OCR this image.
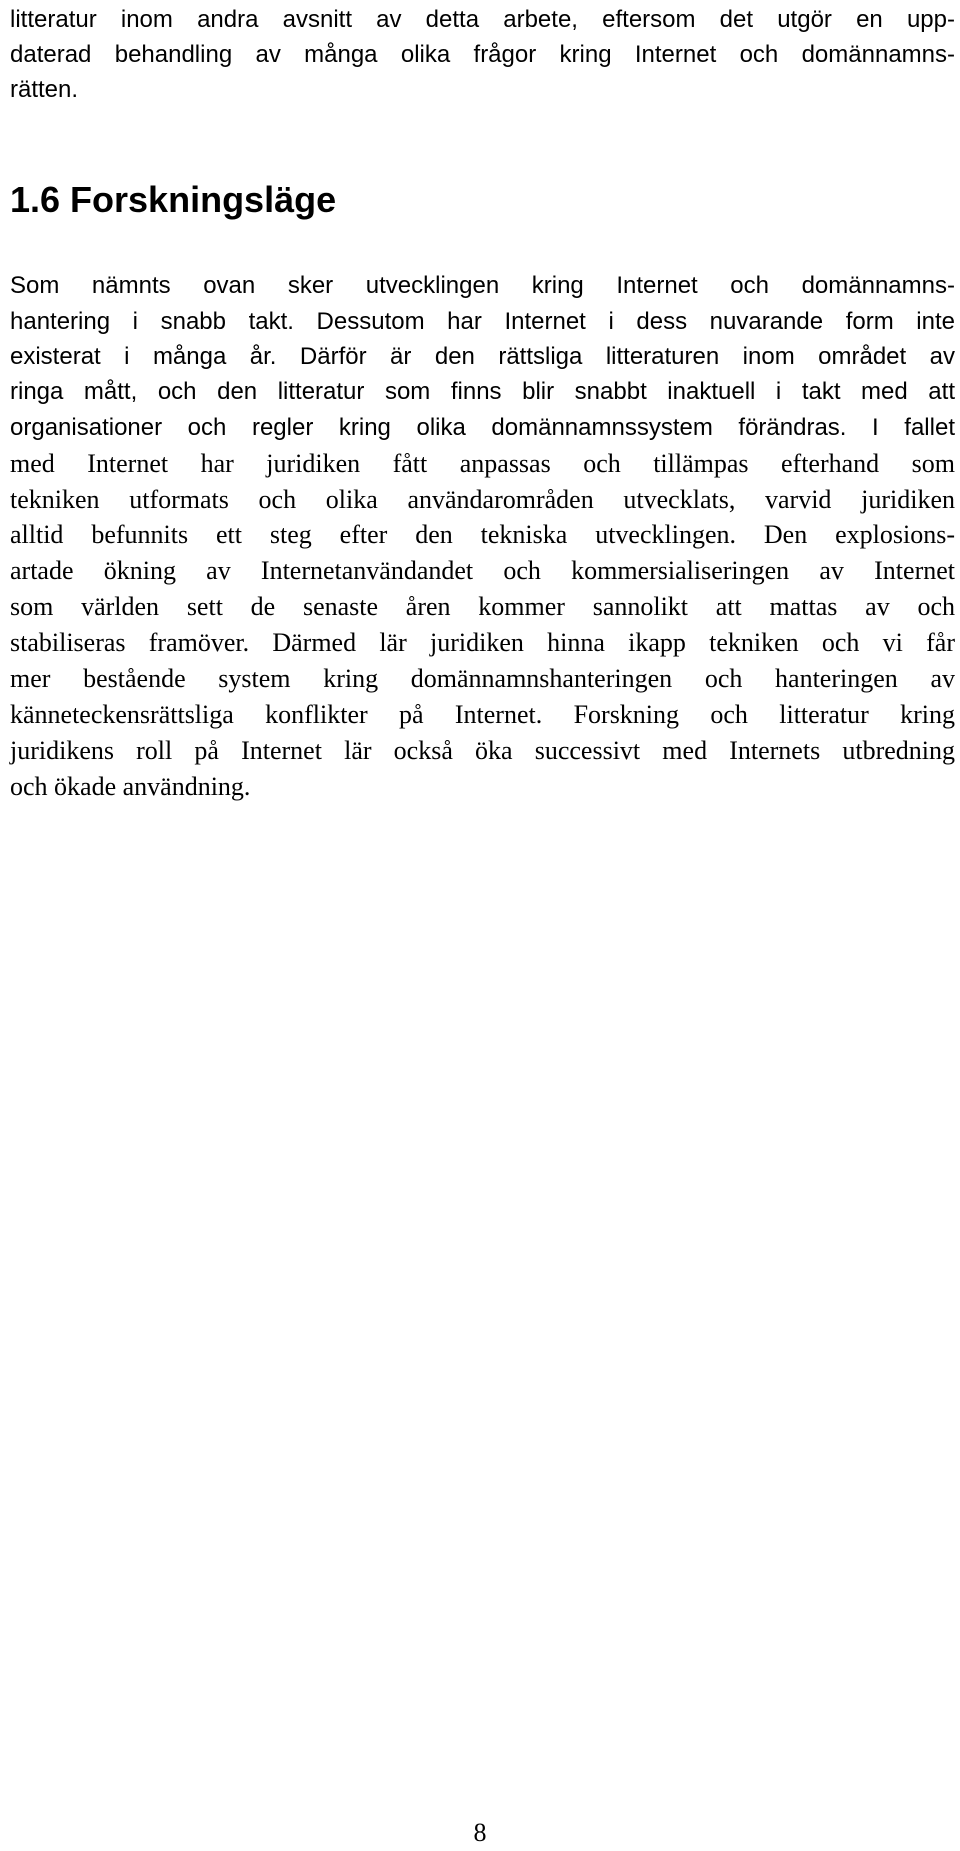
litteratur inom andra avsnitt av detta arbete, eftersom det utgör en upp-
daterad behandling av många olika frågor kring Internet och domännamns-
rätten.
1.6 Forskningsläge
Som nämnts ovan sker utvecklingen kring Internet och domännamns-
hantering i snabb takt. Dessutom har Internet i dess nuvarande form inte
existerat i många år. Därför är den rättsliga litteraturen inom området av
ringa mått, och den litteratur som finns blir snabbt inaktuell i takt med att
organisationer och regler kring olika domännamnssystem förändras. I fallet
med Internet har juridiken fått anpassas och tillämpas efterhand som
tekniken utformats och olika användarområden utvecklats, varvid juridiken
alltid befunnits ett steg efter den tekniska utvecklingen. Den explosions-
artade ökning av Internetanvändandet och kommersialiseringen av Internet
som världen sett de senaste åren kommer sannolikt att mattas av och
stabiliseras framöver. Därmed lär juridiken hinna ikapp tekniken och vi får
mer bestående system kring domännamnshanteringen och hanteringen av
känneteckensrättsliga konflikter på Internet. Forskning och litteratur kring
juridikens roll på Internet lär också öka successivt med Internets utbredning
och ökade användning.
8
